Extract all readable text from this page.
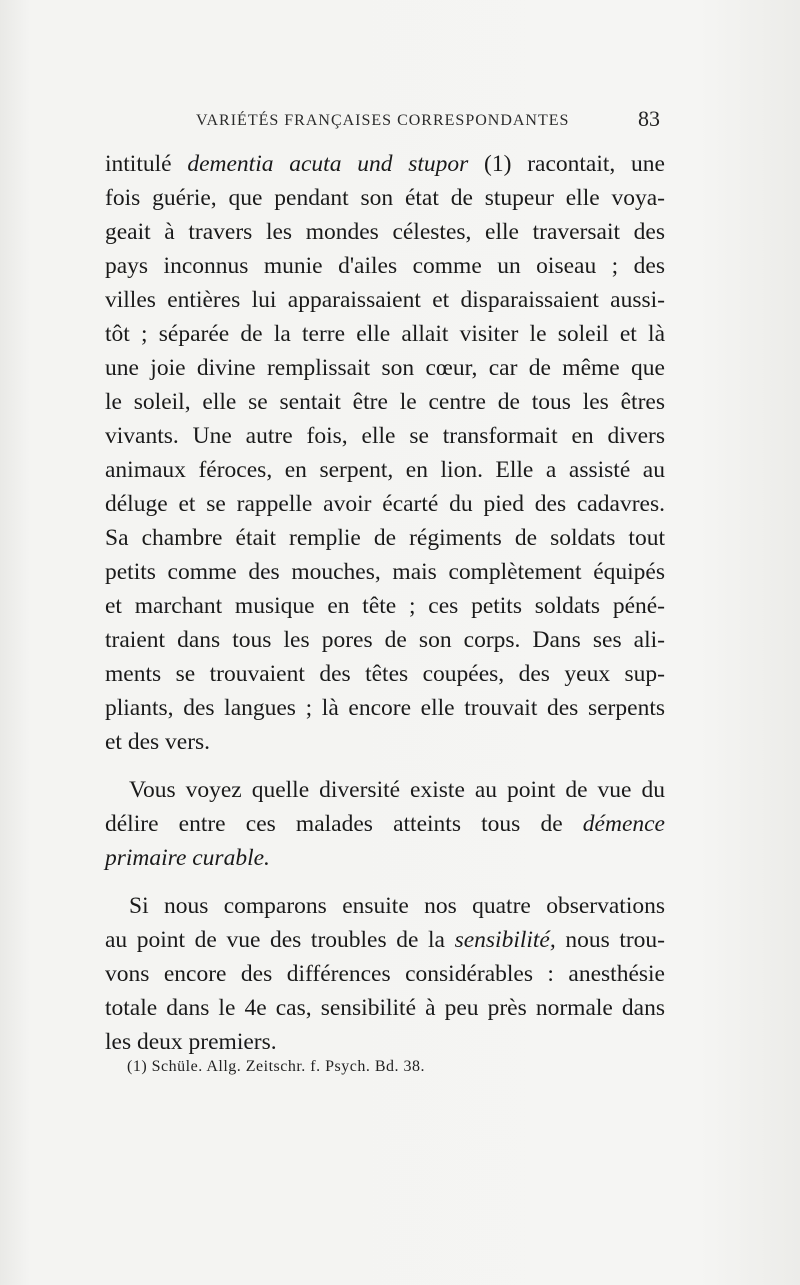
VARIÉTÉS FRANÇAISES CORRESPONDANTES	83
intitulé dementia acuta und stupor (1) racontait, une
fois guérie, que pendant son état de stupeur elle voya-
geait à travers les mondes célestes, elle traversait des
pays inconnus munie d'ailes comme un oiseau ; des
villes entières lui apparaissaient et disparaissaient aussi-
tôt ; séparée de la terre elle allait visiter le soleil et là
une joie divine remplissait son cœur, car de même que
le soleil, elle se sentait être le centre de tous les êtres
vivants. Une autre fois, elle se transformait en divers
animaux féroces, en serpent, en lion. Elle a assisté au
déluge et se rappelle avoir écarté du pied des cadavres.
Sa chambre était remplie de régiments de soldats tout
petits comme des mouches, mais complètement équipés
et marchant musique en tête ; ces petits soldats péné-
traient dans tous les pores de son corps. Dans ses ali-
ments se trouvaient des têtes coupées, des yeux sup-
pliants, des langues ; là encore elle trouvait des serpents
et des vers.
Vous voyez quelle diversité existe au point de vue du
délire entre ces malades atteints tous de démence
primaire curable.
Si nous comparons ensuite nos quatre observations
au point de vue des troubles de la sensibilité, nous trou-
vons encore des différences considérables : anesthésie
totale dans le 4e cas, sensibilité à peu près normale dans
les deux premiers.
(1) Schüle. Allg. Zeitschr. f. Psych. Bd. 38.
